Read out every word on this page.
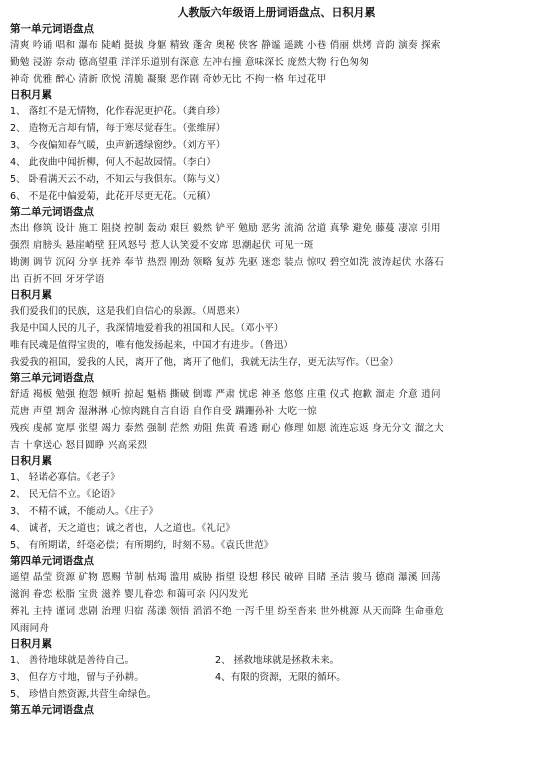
人教版六年级语上册词语盘点、日积月累

第一单元词语盘点

清爽 吟诵 唱和 瀑布 陡峭 挺拔 身躯 精致 蓬舍 奥秘 侠客 静谧 遥跳 小巷 俏丽 烘烤 音韵 演奏 探索

勤勉 浸游 奈动 德高望重 洋洋乐道别有深意 左冲右撞 意味深长 庞然大物 行色匆匆

神奇 优雅 醉心 清新 欣悦 清脆 凝聚 恶作剧 奇妙无比 不拘一格 年过花甲

日积月累

1、 落红不是无情物，化作春泥更护花。（龚自珍）

2、 造物无言却有情，每于寒尽觉春生。（张维屏）

3、 今夜偏知春气暖，虫声新透绿窗纱。（刘方平）

4、 此夜曲中闻折柳，何人不起故园情。（李白）

5、 卧看满天云不动，不知云与我俱东。（陈与义）

6、 不是花中偏爱菊，此花开尽更无花。（元稹）

第二单元词语盘点

杰出 修筑 设计 施工 阻挠 控制 轰动 艰巨 毅然 铲平 勉励 恶劣 流淌 岔道 真挚 避免 藤蔓 凄凉 引用

强烈 肩膀头 悬崖峭壁 狂风怒号 惹人认笑爱不安席 思潮起伏 可见一斑

勘测 调节 沉闷 分享 抚养 奉节 热烈 刚劲 领略 复苏 先驱 迷恋 装点 惊叹 碧空如洗 波涛起伏 水落石

出 百折不回 牙牙学语

日积月累

我们爱我们的民族，这是我们自信心的泉源。（周恩来）

我是中国人民的儿子，我深情地爱着我的祖国和人民。（邓小平）

唯有民魂是值得宝贵的，唯有他发扬起来，中国才有进步。（鲁迅）

我爱我的祖国，爱我的人民，离开了他，离开了他们，我就无法生存，更无法写作。（巴金）

第三单元词语盘点

舒适 褐板 勉强 抱怨 倾听 掠起 魁梧 撕破 倒霉 严肃 忧虑 神圣 悠悠 庄重 仪式 抱歉 溜走 介意 逍问

荒唐 声望 割舍 湿淋淋 心惊肉跳自言自语 自作自受 蹒跚孙补 大吃一惊

残疾 虔郝 宽厚 张望 竭力 泰然 强制 茫然 劝阻 焦黄 看透 耐心 修理 如愿 流连忘返 身无分文 溜之大

吉 十拿送心 怒目圆睁 兴高采烈

日积月累

1、 轻诺必寡信。《老子》

2、 民无信不立。《论语》

3、 不精不诚，不能动人。《庄子》

4、 诚者，天之道也；诚之者也，人之道也。《礼记》

5、 有所期诺，纤毫必偿；有所期约，时刻不易。《袁氏世范》

第四单元词语盘点

遥望 晶莹 资源 矿物 恩赐 节制 枯竭 滥用 威胁 指望 设想 移民 破碎 目睹 圣洁 骏马 德商 瀑溪 回荡

滋润 眷恋 松脂 宝贵 滋养 婴儿眷恋 和蔼可亲 闪闪发光

葬礼 主持 谨词 悲剧 治理 归宿 荡漾 领悟 滔滔不绝 一泻千里 纷至沓来 世外桃源 从天而降 生命垂危

风雨同舟

日积月累

1、 善待地球就是善待自己。	2、 拯救地球就是拯救未来。
3、 但存方寸地，留与子孙耕。	4、有限的资源，无限的循环。

5、 珍惜自然资源,共营生命绿色。

第五单元词语盘点
